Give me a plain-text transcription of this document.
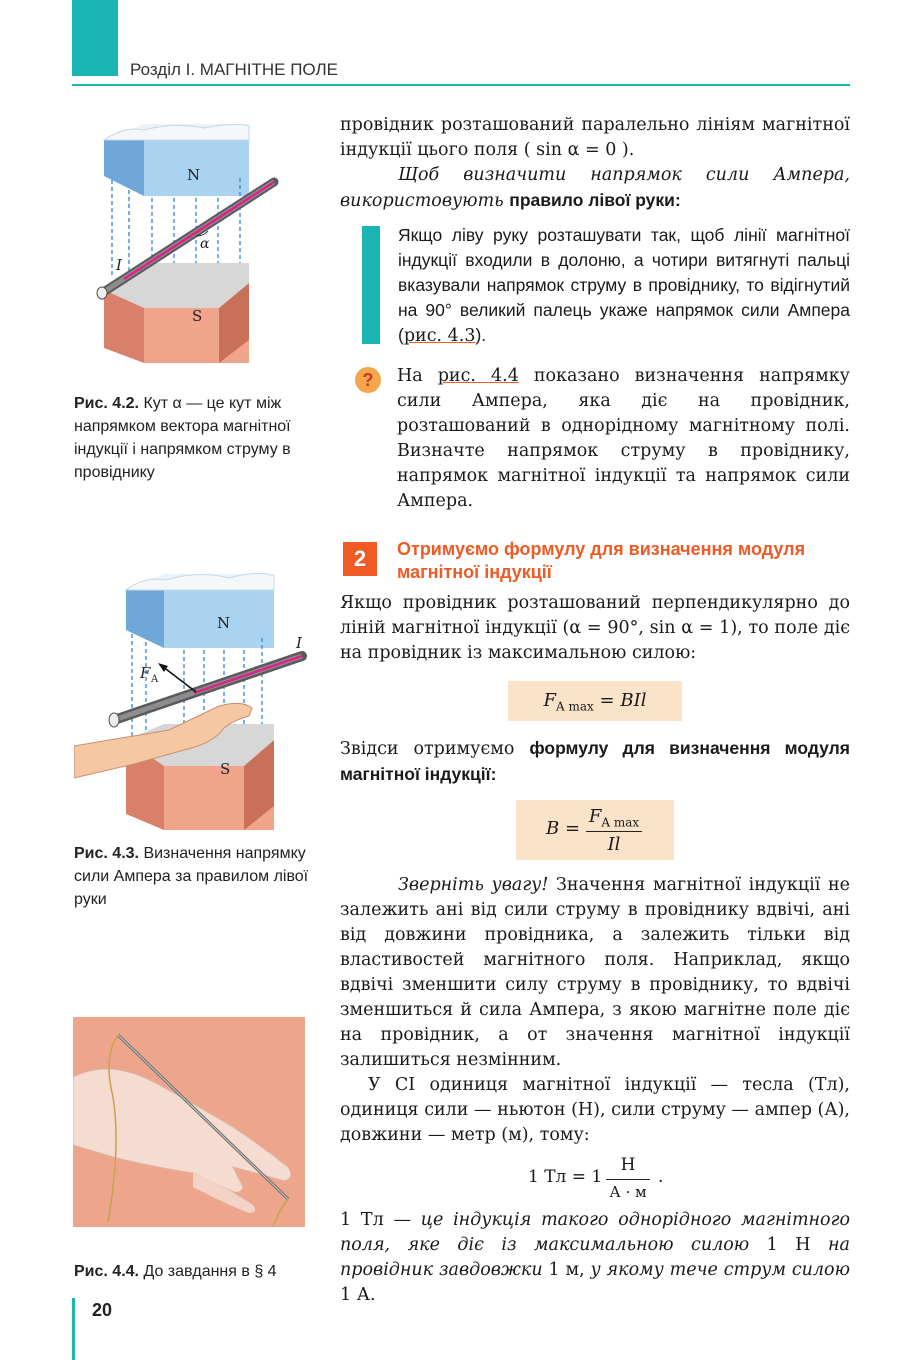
Розділ І. МАГНІТНЕ ПОЛЕ
N
S
I
α
Рис. 4.2. Кут α — це кут між напрямком вектора магнітної індукції і напрямком струму в провіднику
N
S
F A
I
Рис. 4.3. Визначення напрямку сили Ампера за правилом лівої руки
Рис. 4.4. До завдання в § 4

провідник розташований паралельно лініям магнітної індукції цього поля ( sin α = 0 ).

Щоб визначити напрямок сили Ампера, використовують правило лівої руки:

Якщо ліву руку розташувати так, щоб лінії магнітної індукції входили в долоню, а чотири витягнуті пальці вказували напрямок струму в провіднику, то відігнутий на 90° великий палець укаже напрямок сили Ампера (рис. 4.3).
?	На рис. 4.4 показано визначення напрямку сили Ампера, яка діє на провідник, розташований в однорідному магнітному полі. Визначте напрямок струму в провіднику, напрямок магнітної індукції та напрямок сили Ампера.
2	Отримуємо формулу для визначення модуля магнітної індукції

Якщо провідник розташований перпендикулярно до ліній магнітної індукції (α = 90°, sin α = 1), то поле діє на провідник із максимальною силою:

$F_{A max}$ = BIl

Звідси отримуємо формулу для визначення модуля магнітної індукції:

B =
$F_{A max}$
Il

Зверніть увагу! Значення магнітної індукції не залежить ані від сили струму в провіднику вдвічі, ані від довжини провідника, а залежить тільки від властивостей магнітного поля. Наприклад, якщо вдвічі зменшити силу струму в провіднику, то вдвічі зменшиться й сила Ампера, з якою магнітне поле діє на провідник, а от значення магнітної індукції залишиться незмінним.

У СІ одиниця магнітної індукції — тесла (Тл), одиниця сили — ньютон (Н), сили струму — ампер (А), довжини — метр (м), тому:

1 Тл = 1
Н
А · м
.

1 Тл — це індукція такого однорідного магнітного поля, яке діє із максимальною силою 1 Н на провідник завдовжки 1 м, у якому тече струм силою 1 А.

20
